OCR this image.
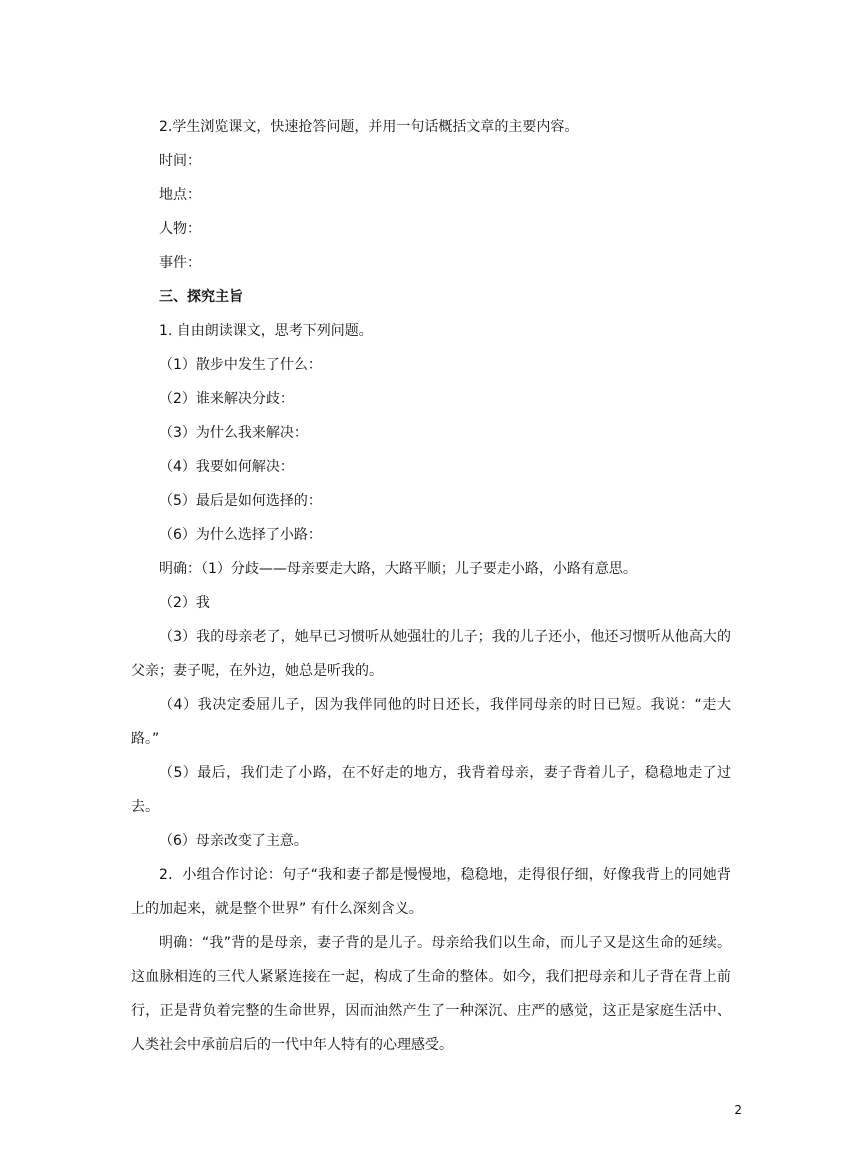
2.学生浏览课文，快速抢答问题，并用一句话概括文章的主要内容。

时间：

地点：

人物：

事件：

三、探究主旨

1. 自由朗读课文，思考下列问题。

（1）散步中发生了什么：

（2）谁来解决分歧：

（3）为什么我来解决：

（4）我要如何解决：

（5）最后是如何选择的：

（6）为什么选择了小路：

明确：（1）分歧——母亲要走大路，大路平顺；儿子要走小路，小路有意思。

（2）我

（3）我的母亲老了，她早已习惯听从她强壮的儿子；我的儿子还小，他还习惯听从他高大的父亲；妻子呢，在外边，她总是听我的。

（4）我决定委屈儿子，因为我伴同他的时日还长，我伴同母亲的时日已短。我说：“走大路。”

（5）最后，我们走了小路，在不好走的地方，我背着母亲，妻子背着儿子，稳稳地走了过去。

（6）母亲改变了主意。

2．小组合作讨论：句子“我和妻子都是慢慢地，稳稳地，走得很仔细，好像我背上的同她背上的加起来，就是整个世界” 有什么深刻含义。

明确：“我”背的是母亲，妻子背的是儿子。母亲给我们以生命，而儿子又是这生命的延续。这血脉相连的三代人紧紧连接在一起，构成了生命的整体。如今，我们把母亲和儿子背在背上前行，正是背负着完整的生命世界，因而油然产生了一种深沉、庄严的感觉，这正是家庭生活中、人类社会中承前启后的一代中年人特有的心理感受。

2
